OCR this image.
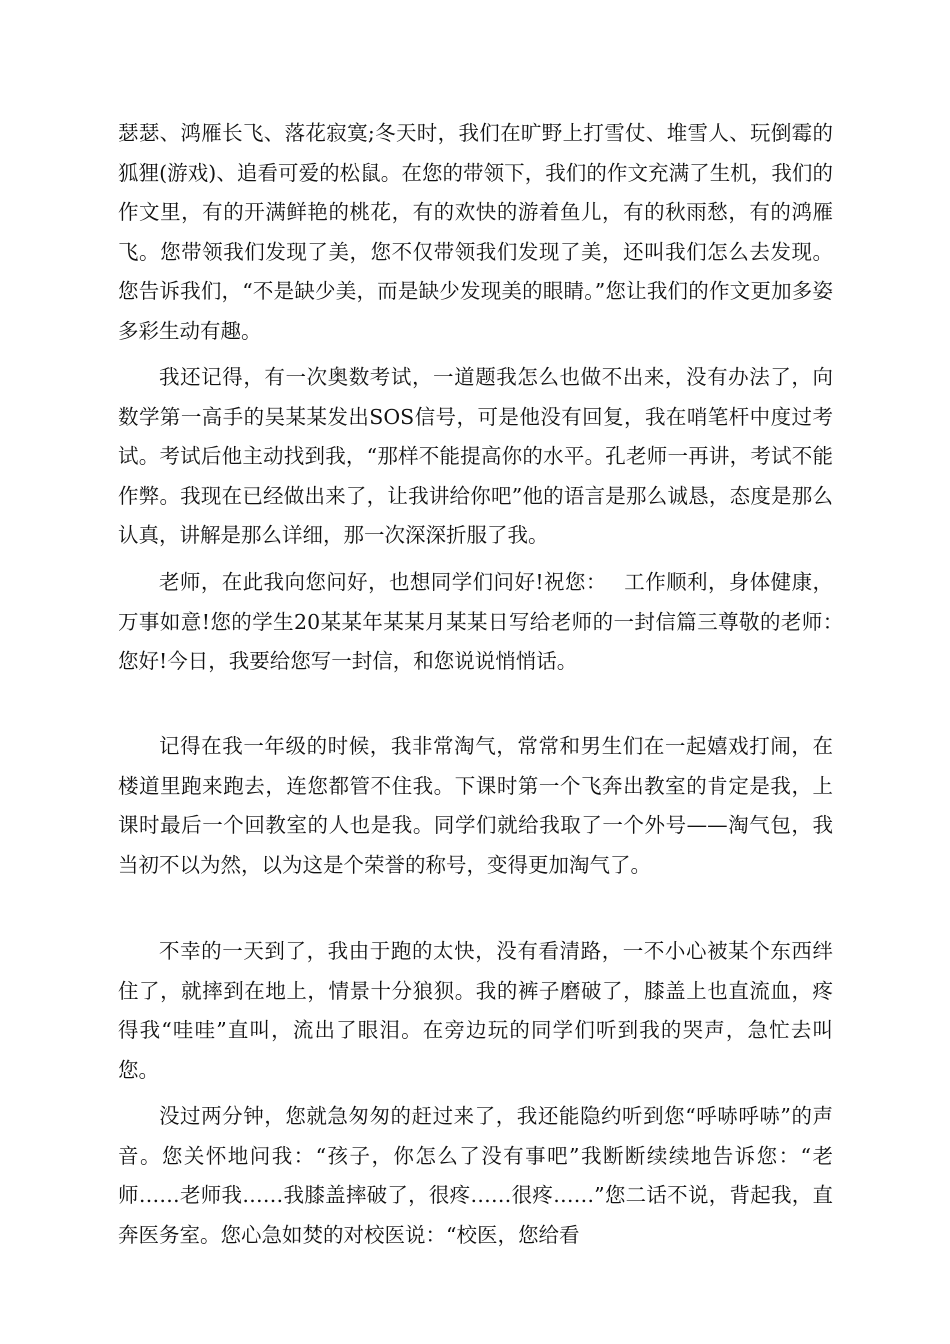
瑟瑟、鸿雁长飞、落花寂寞;冬天时，我们在旷野上打雪仗、堆雪人、玩倒霉的狐狸(游戏)、追看可爱的松鼠。在您的带领下，我们的作文充满了生机，我们的作文里，有的开满鲜艳的桃花，有的欢快的游着鱼儿，有的秋雨愁，有的鸿雁飞。您带领我们发现了美，您不仅带领我们发现了美，还叫我们怎么去发现。您告诉我们，“不是缺少美，而是缺少发现美的眼睛。”您让我们的作文更加多姿多彩生动有趣。

我还记得，有一次奥数考试，一道题我怎么也做不出来，没有办法了，向数学第一高手的吴某某发出SOS信号，可是他没有回复，我在哨笔杆中度过考试。考试后他主动找到我，“那样不能提高你的水平。孔老师一再讲，考试不能作弊。我现在已经做出来了，让我讲给你吧”他的语言是那么诚恳，态度是那么认真，讲解是那么详细，那一次深深折服了我。

老师，在此我向您问好，也想同学们问好!祝您：　 工作顺利，身体健康，万事如意!您的学生20某某年某某月某某日写给老师的一封信篇三尊敬的老师：　 您好!今日，我要给您写一封信，和您说说悄悄话。

记得在我一年级的时候，我非常淘气，常常和男生们在一起嬉戏打闹，在楼道里跑来跑去，连您都管不住我。下课时第一个飞奔出教室的肯定是我，上课时最后一个回教室的人也是我。同学们就给我取了一个外号——淘气包，我当初不以为然，以为这是个荣誉的称号，变得更加淘气了。

不幸的一天到了，我由于跑的太快，没有看清路，一不小心被某个东西绊住了，就摔到在地上，情景十分狼狈。我的裤子磨破了，膝盖上也直流血，疼得我“哇哇”直叫，流出了眼泪。在旁边玩的同学们听到我的哭声，急忙去叫您。

没过两分钟，您就急匆匆的赶过来了，我还能隐约听到您“呼哧呼哧”的声音。您关怀地问我：“孩子，你怎么了没有事吧”我断断续续地告诉您：“老师……老师我……我膝盖摔破了，很疼……很疼……”您二话不说，背起我，直奔医务室。您心急如焚的对校医说：“校医，您给看
